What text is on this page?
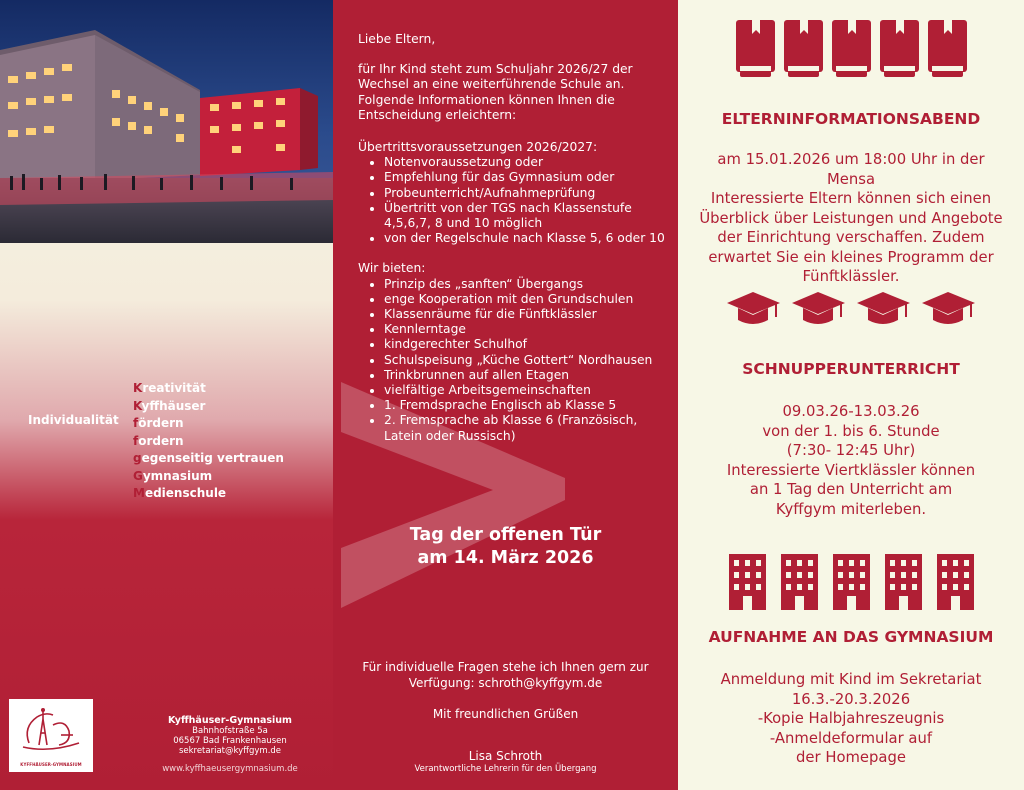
Individualität
Kreativität
Kyffhäuser
fördern
fordern
gegenseitig vertrauen
Gymnasium
Medienschule
KYFFHÄUSER-GYMNASIUM
Kyffhäuser-Gymnasium
Bahnhofstraße 5a
06567 Bad Frankenhausen
sekretariat@kyffgym.de
www.kyffhaeusergymnasium.de

Liebe Eltern,

für Ihr Kind steht zum Schuljahr 2026/27 der Wechsel an eine weiterführende Schule an. Folgende Informationen können Ihnen die Entscheidung erleichtern:

Übertrittsvoraussetzungen 2026/2027:

• Notenvoraussetzung oder
• Empfehlung für das Gymnasium oder
• Probeunterricht/Aufnahmeprüfung
• Übertritt von der TGS nach Klassenstufe 4,5,6,7, 8 und 10 möglich
• von der Regelschule nach Klasse 5, 6 oder 10

Wir bieten:

• Prinzip des „sanften“ Übergangs
• enge Kooperation mit den Grundschulen
• Klassenräume für die Fünftklässler
• Kennlerntage
• kindgerechter Schulhof
• Schulspeisung „Küche Gottert“ Nordhausen
• Trinkbrunnen auf allen Etagen
• vielfältige Arbeitsgemeinschaften
• 1. Fremdsprache Englisch ab Klasse 5
• 2. Fremsprache ab Klasse 6 (Französisch, Latein oder Russisch)
Tag der offenen Tür
am 14. März 2026
Für individuelle Fragen stehe ich Ihnen gern zur Verfügung: schroth@kyffgym.de
Mit freundlichen Grüßen
Lisa Schroth
Verantwortliche Lehrerin für den Übergang
ELTERNINFORMATIONSABEND
am 15.01.2026 um 18:00 Uhr in der
Mensa
Interessierte Eltern können sich einen
Überblick über Leistungen und Angebote
der Einrichtung verschaffen. Zudem
erwartet Sie ein kleines Programm der
Fünftklässler.
SCHNUPPERUNTERRICHT
09.03.26-13.03.26
von der 1. bis 6. Stunde
(7:30- 12:45 Uhr)
Interessierte Viertklässler können
an 1 Tag den Unterricht am
Kyffgym miterleben.
AUFNAHME AN DAS GYMNASIUM
Anmeldung mit Kind im Sekretariat
16.3.-20.3.2026
-Kopie Halbjahreszeugnis
-Anmeldeformular auf
der Homepage
